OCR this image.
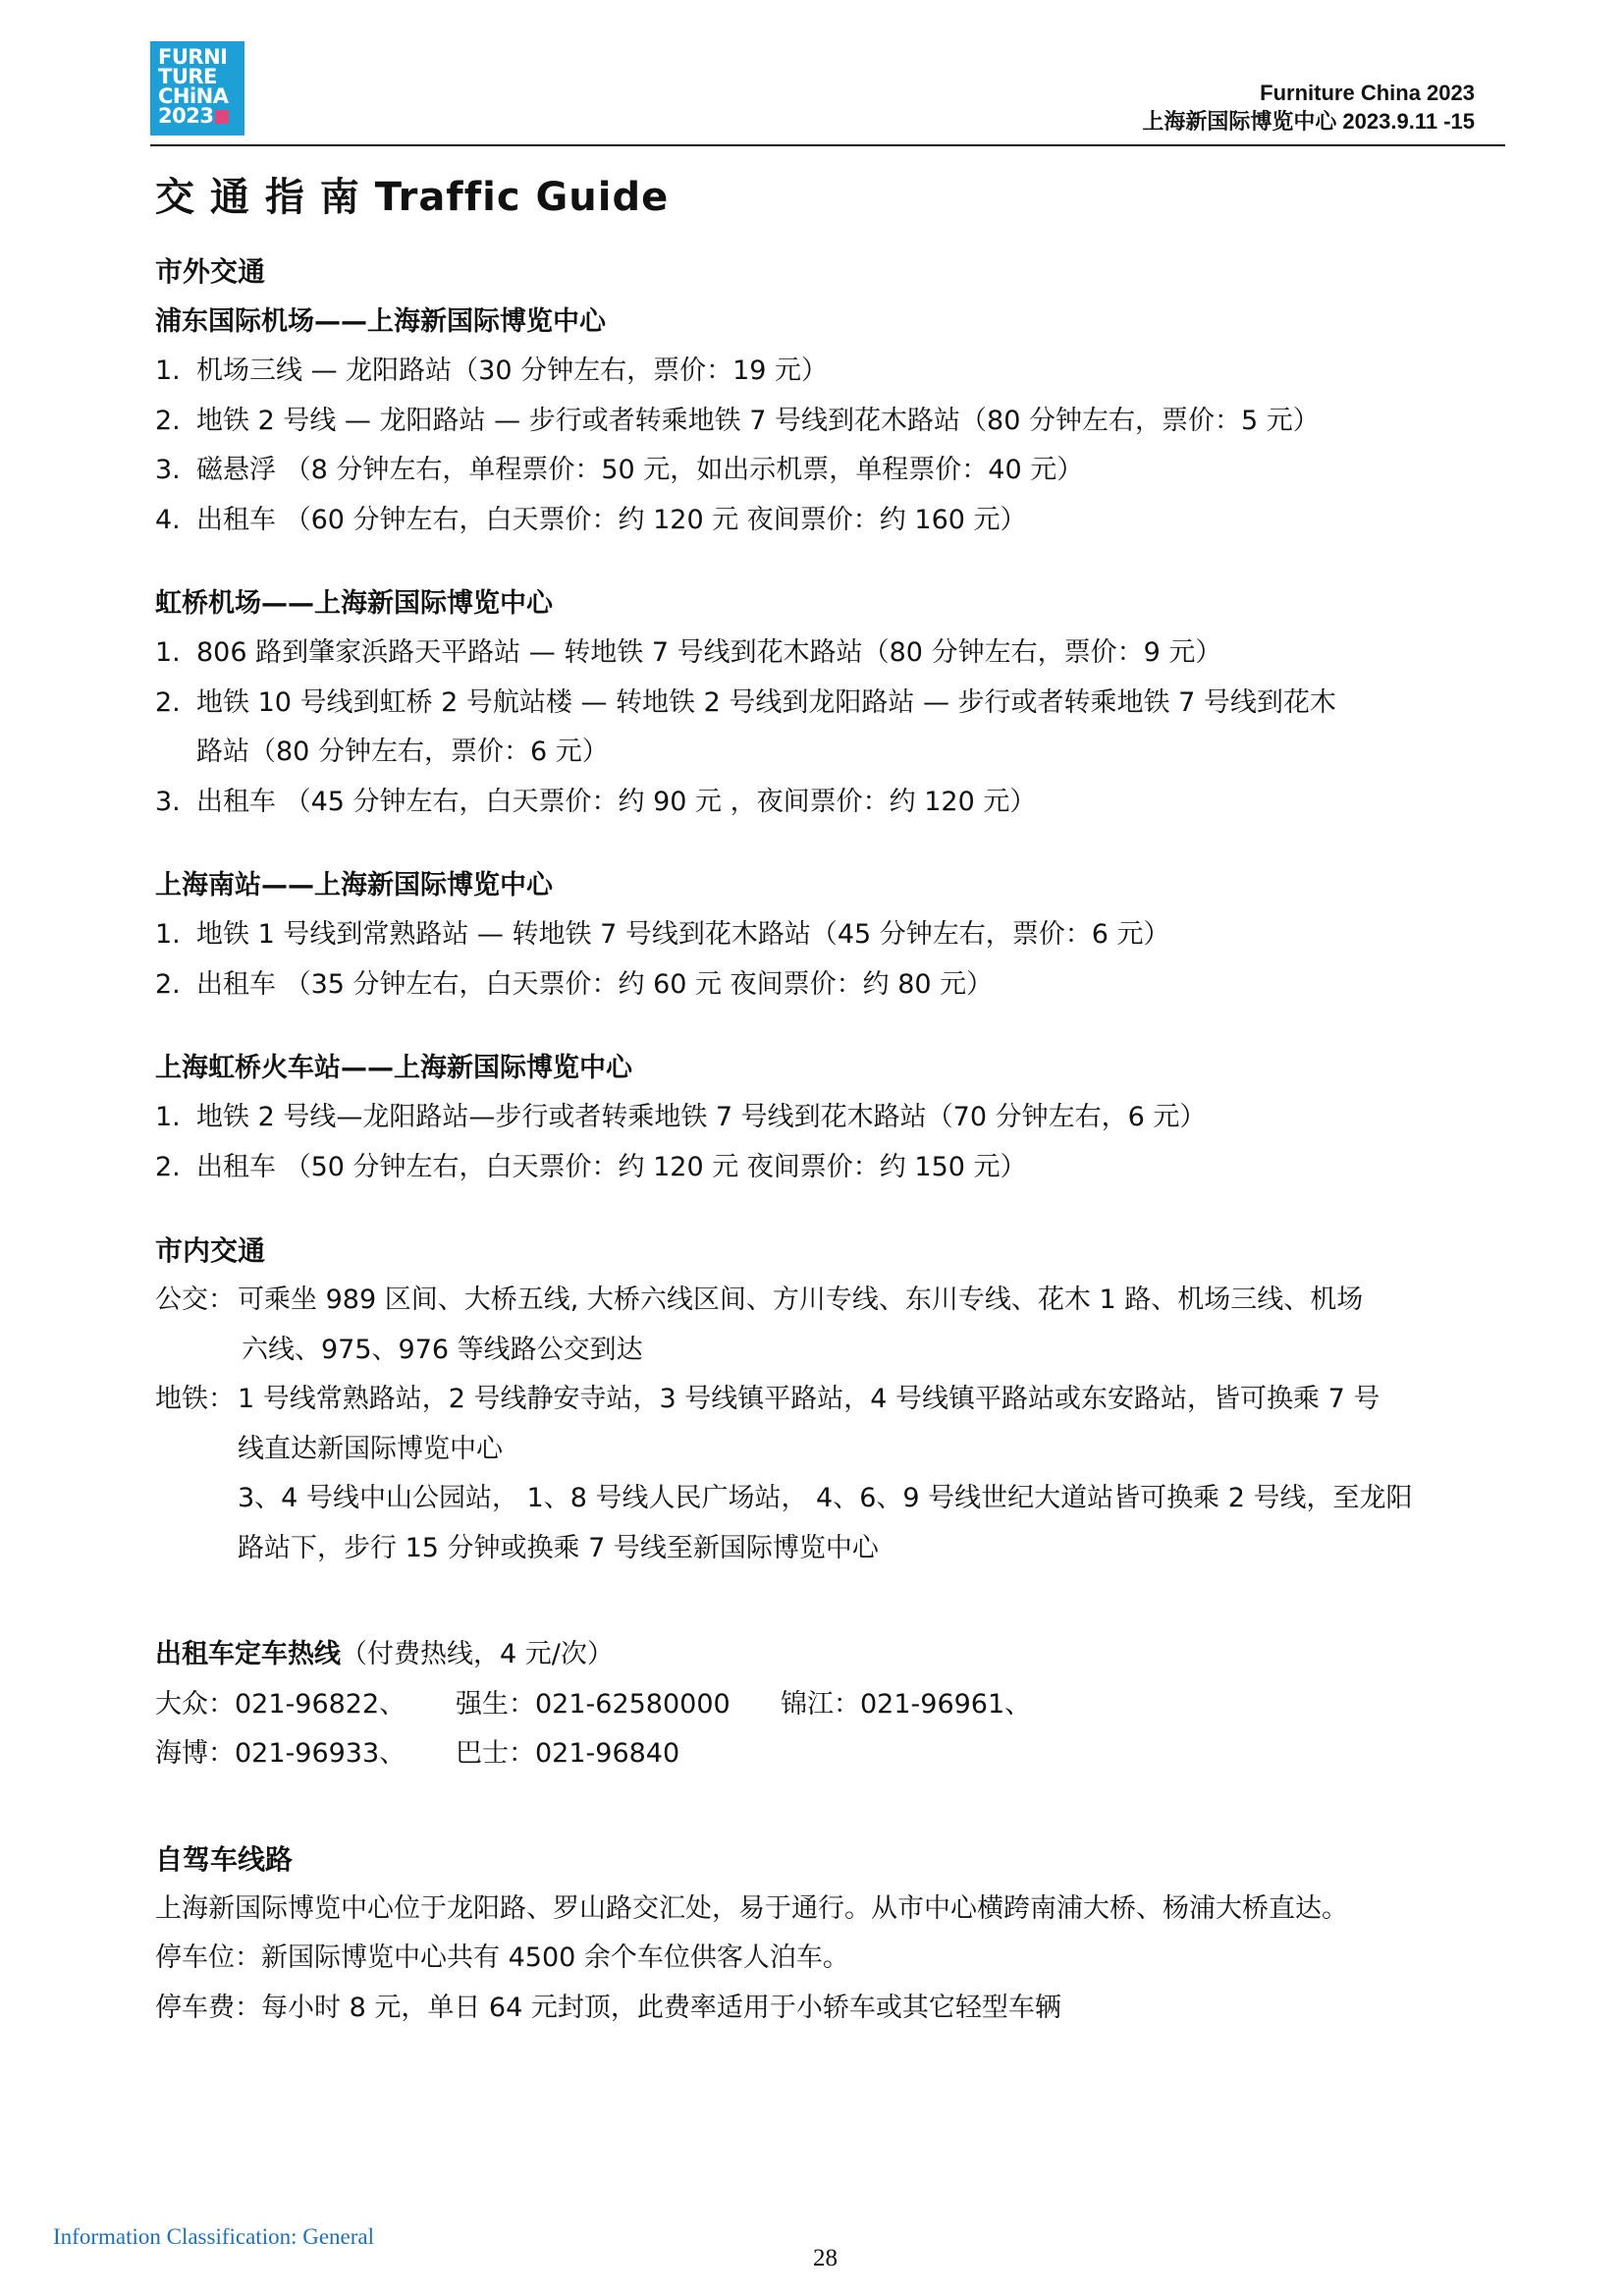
FURNI
TURE
CHiNA
2023
Furniture China 2023
上海新国际博览中心 2023.9.11 -15
交 通 指 南 Traffic Guide
市外交通
浦东国际机场——上海新国际博览中心
1. 机场三线 — 龙阳路站（30 分钟左右，票价：19 元）
2. 地铁 2 号线 — 龙阳路站 — 步行或者转乘地铁 7 号线到花木路站（80 分钟左右，票价：5 元）
3. 磁悬浮 （8 分钟左右，单程票价：50 元，如出示机票，单程票价：40 元）
4. 出租车 （60 分钟左右，白天票价：约 120 元 夜间票价：约 160 元）
虹桥机场——上海新国际博览中心
1. 806 路到肇家浜路天平路站 — 转地铁 7 号线到花木路站（80 分钟左右，票价：9 元）
2. 地铁 10 号线到虹桥 2 号航站楼 — 转地铁 2 号线到龙阳路站 — 步行或者转乘地铁 7 号线到花木
路站（80 分钟左右，票价：6 元）
3. 出租车 （45 分钟左右，白天票价：约 90 元 ，夜间票价：约 120 元）
上海南站——上海新国际博览中心
1. 地铁 1 号线到常熟路站 — 转地铁 7 号线到花木路站（45 分钟左右，票价：6 元）
2. 出租车 （35 分钟左右，白天票价：约 60 元 夜间票价：约 80 元）
上海虹桥火车站——上海新国际博览中心
1. 地铁 2 号线—龙阳路站—步行或者转乘地铁 7 号线到花木路站（70 分钟左右，6 元）
2. 出租车 （50 分钟左右，白天票价：约 120 元 夜间票价：约 150 元）
市内交通
公交： 可乘坐 989 区间、大桥五线, 大桥六线区间、方川专线、东川专线、花木 1 路、机场三线、机场
六线、975、976 等线路公交到达
地铁： 1 号线常熟路站，2 号线静安寺站，3 号线镇平路站，4 号线镇平路站或东安路站，皆可换乘 7 号
线直达新国际博览中心
3、4 号线中山公园站， 1、8 号线人民广场站， 4、6、9 号线世纪大道站皆可换乘 2 号线，至龙阳
路站下，步行 15 分钟或换乘 7 号线至新国际博览中心
出租车定车热线（付费热线，4 元/次）
大众：021-96822、 强生：021-62580000 锦江：021-96961、
海博：021-96933、 巴士：021-96840
自驾车线路
上海新国际博览中心位于龙阳路、罗山路交汇处，易于通行。从市中心横跨南浦大桥、杨浦大桥直达。
停车位：新国际博览中心共有 4500 余个车位供客人泊车。
停车费：每小时 8 元，单日 64 元封顶，此费率适用于小轿车或其它轻型车辆
Information Classification: General
28
